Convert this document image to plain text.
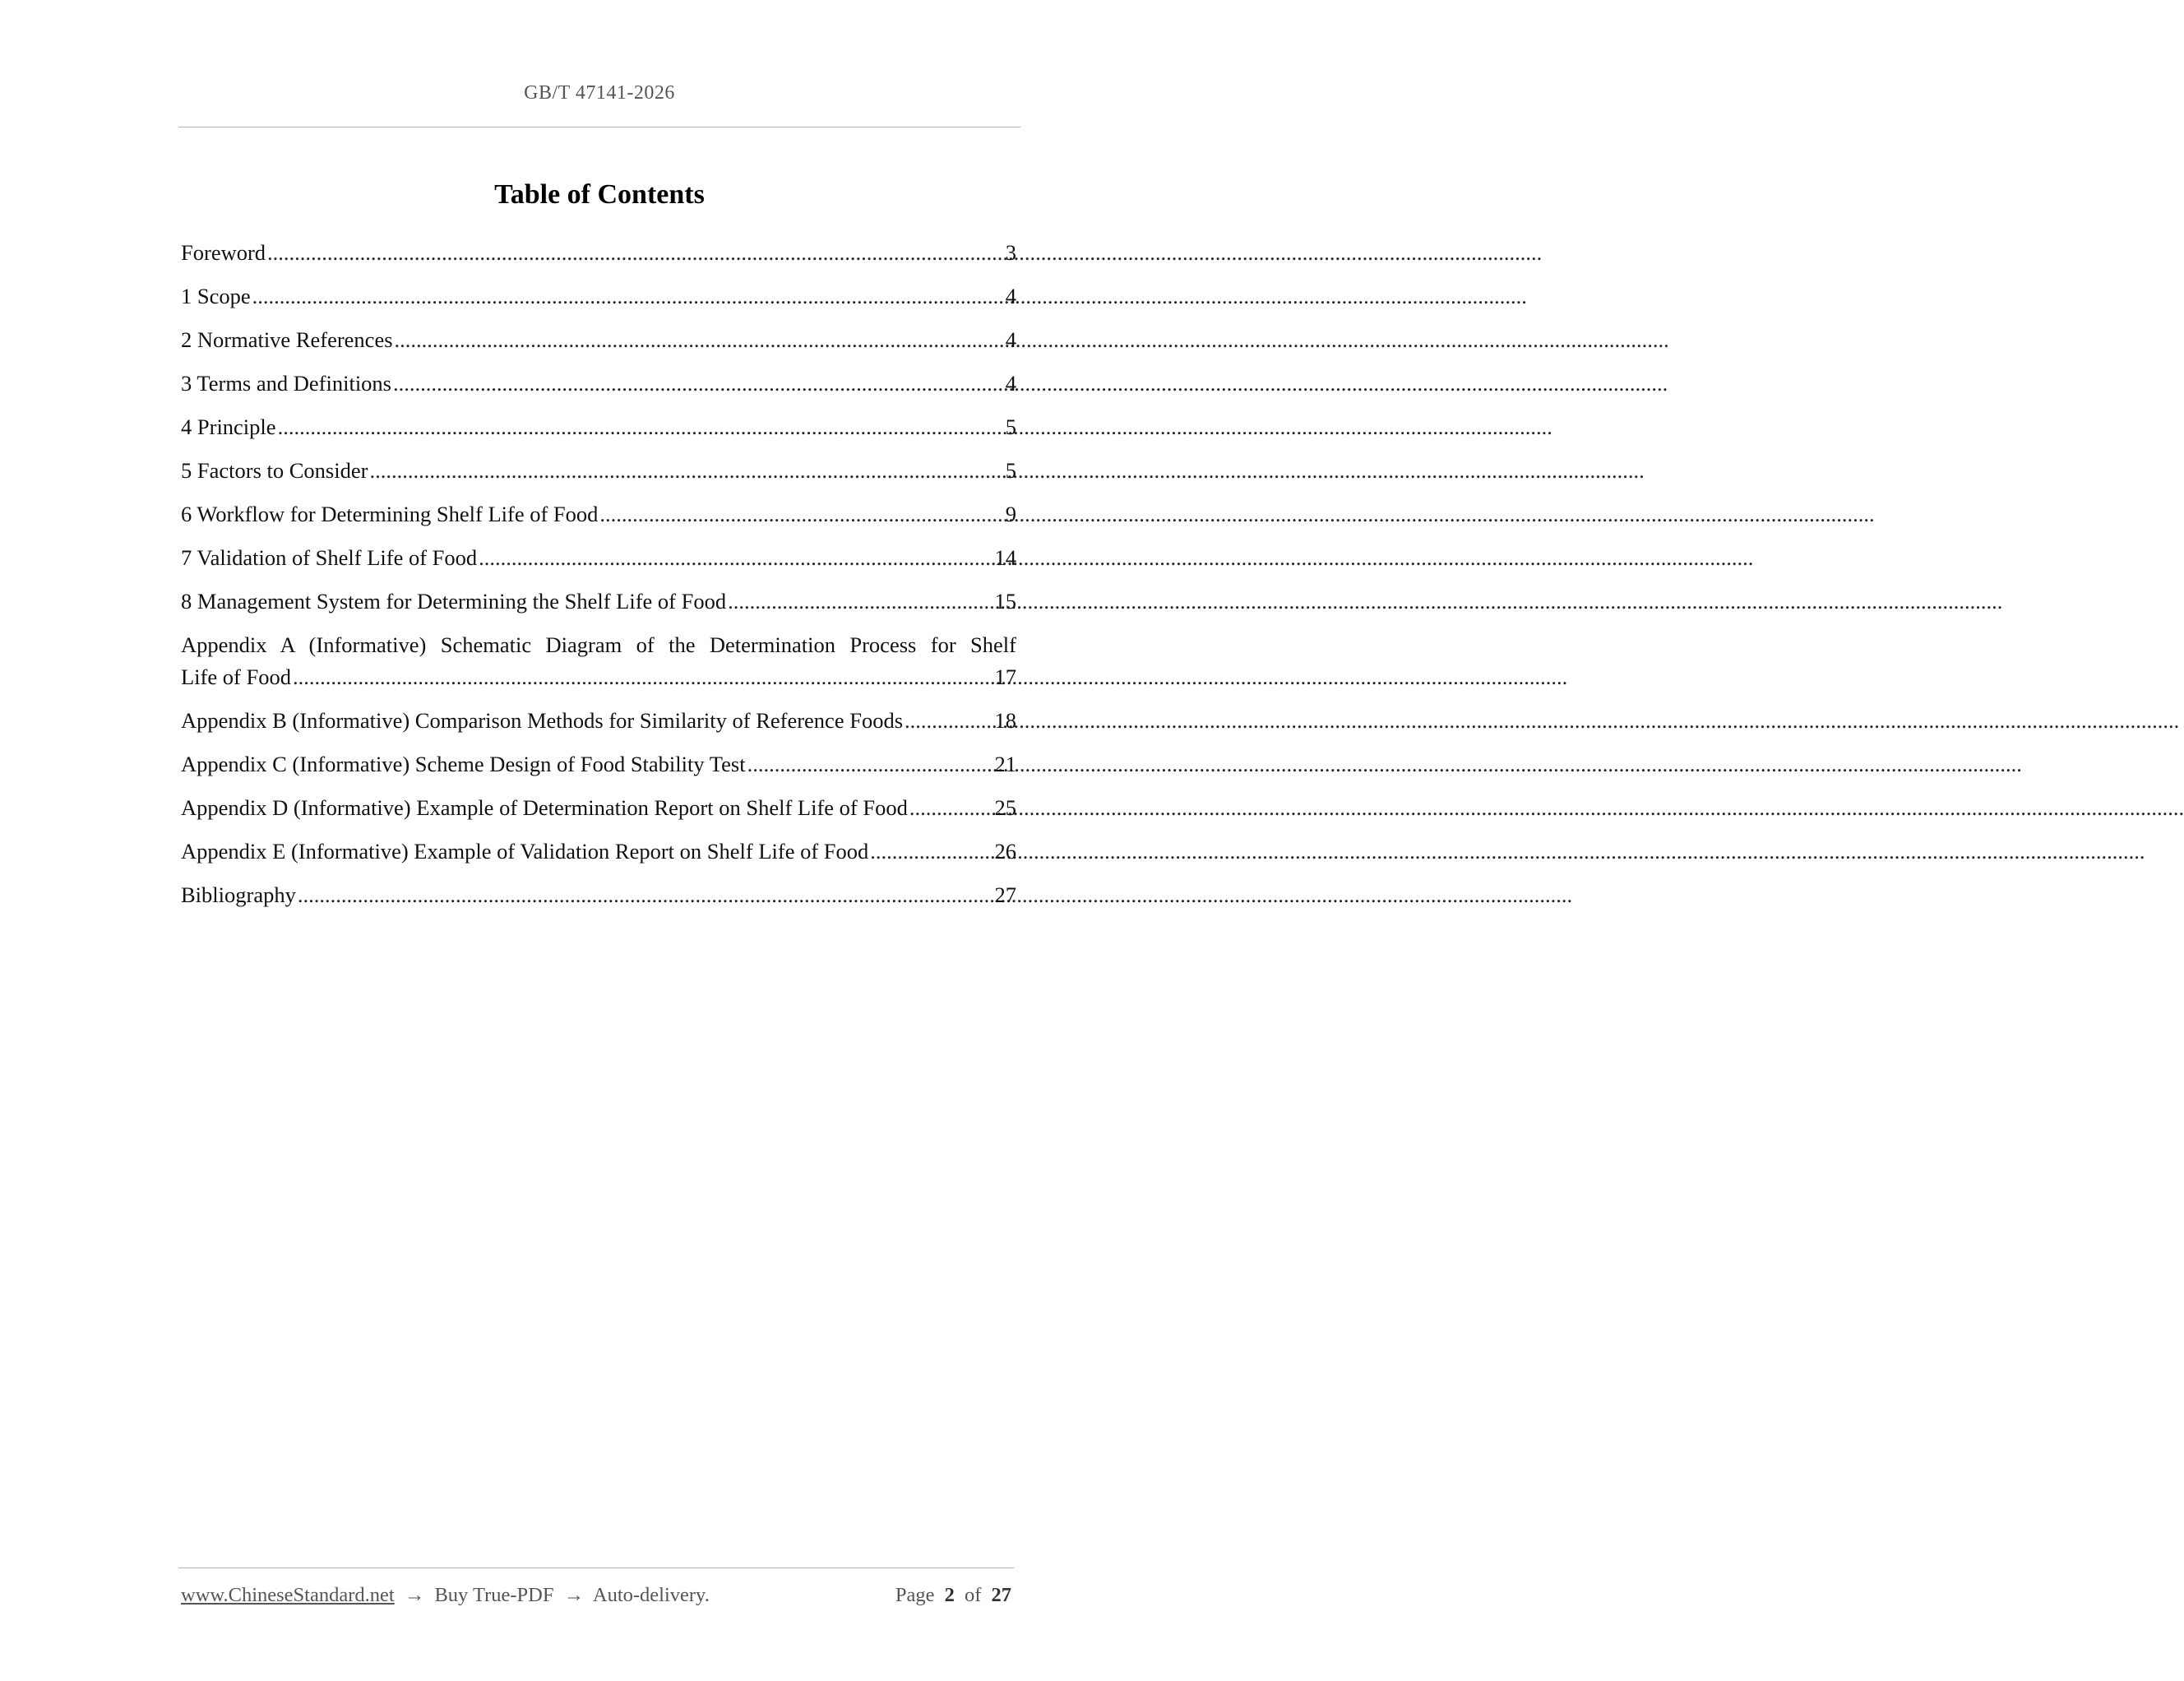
GB/T 47141-2026
Table of Contents
Foreword .....	3
1 Scope .....	4
2 Normative References .....	4
3 Terms and Definitions .....	4
4 Principle .....	5
5 Factors to Consider .....	5
6 Workflow for Determining Shelf Life of Food .....	9
7 Validation of Shelf Life of Food .....	14
8 Management System for Determining the Shelf Life of Food .....	15
Appendix A (Informative) Schematic Diagram of the Determination Process for Shelf
Life of Food .....	17
Appendix B (Informative) Comparison Methods for Similarity of Reference Foods .....	18
Appendix C (Informative) Scheme Design of Food Stability Test .....	21
Appendix D (Informative) Example of Determination Report on Shelf Life of Food .....	25
Appendix E (Informative) Example of Validation Report on Shelf Life of Food .....	26
Bibliography .....	27
www.ChineseStandard.net → Buy True-PDF → Auto-delivery.	Page 2 of 27
